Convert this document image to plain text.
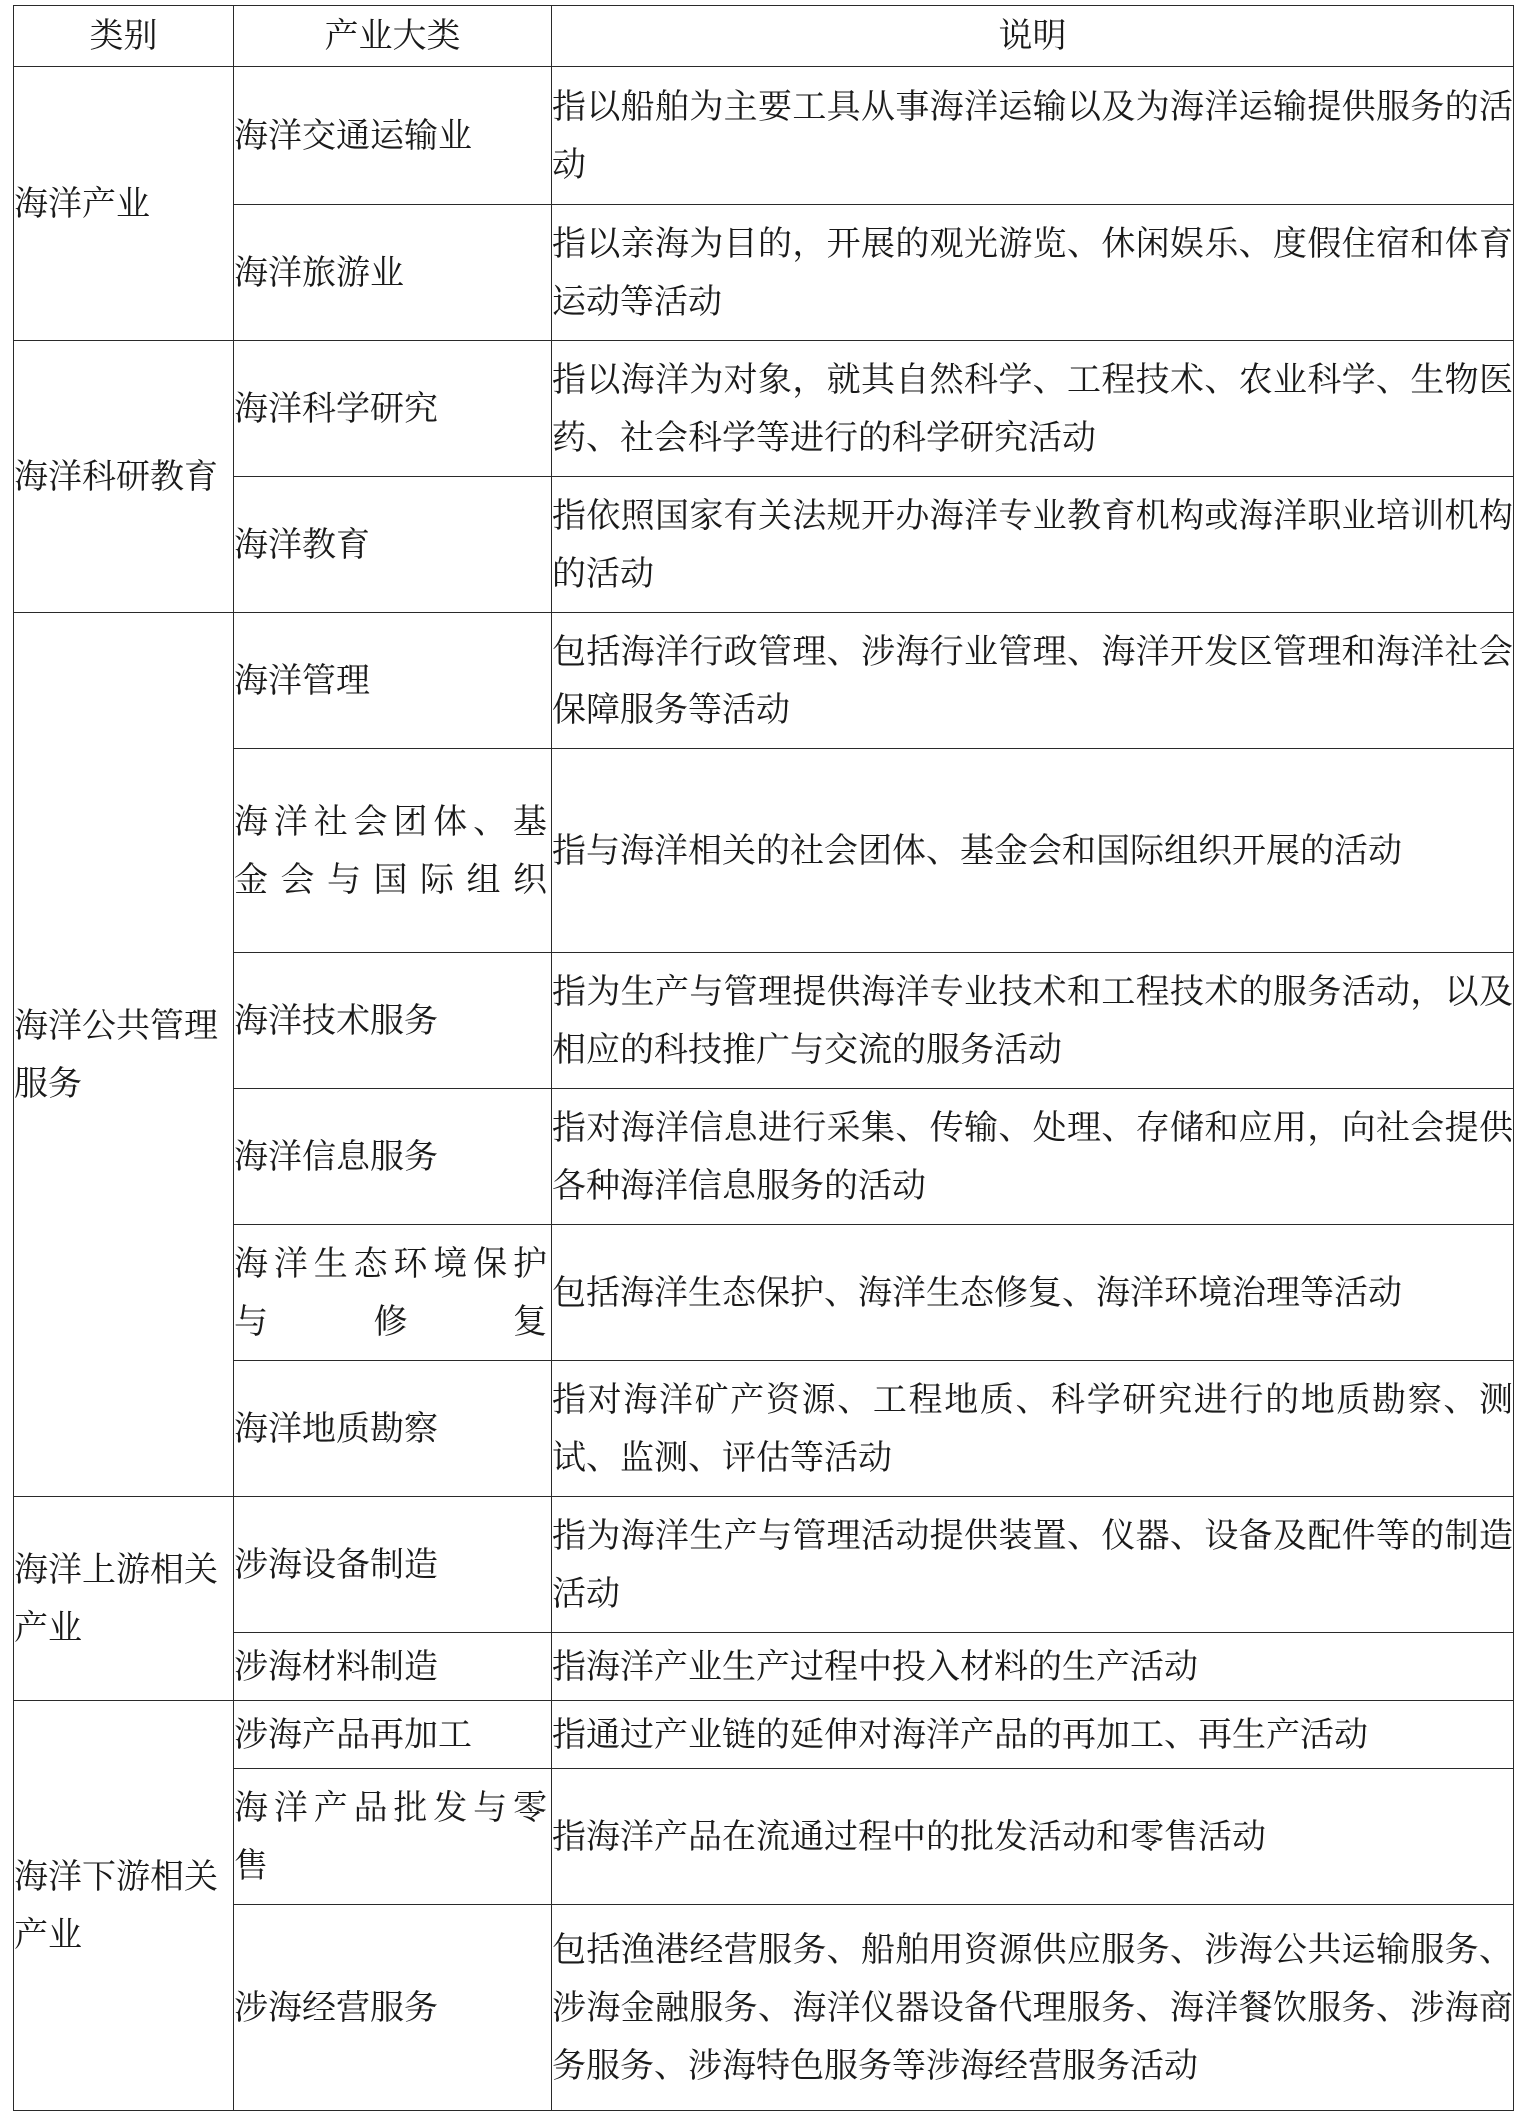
类别	产业大类	说明
海洋产业	海洋交通运输业	指以船舶为主要工具从事海洋运输以及为海洋运输提供服务的活动
	海洋旅游业	指以亲海为目的，开展的观光游览、休闲娱乐、度假住宿和体育运动等活动
海洋科研教育	海洋科学研究	指以海洋为对象，就其自然科学、工程技术、农业科学、生物医药、社会科学等进行的科学研究活动
	海洋教育	指依照国家有关法规开办海洋专业教育机构或海洋职业培训机构的活动
海洋公共管理服务	海洋管理	包括海洋行政管理、涉海行业管理、海洋开发区管理和海洋社会保障服务等活动
	海洋社会团体、基金会与国际组织	指与海洋相关的社会团体、基金会和国际组织开展的活动
	海洋技术服务	指为生产与管理提供海洋专业技术和工程技术的服务活动，以及相应的科技推广与交流的服务活动
	海洋信息服务	指对海洋信息进行采集、传输、处理、存储和应用，向社会提供各种海洋信息服务的活动
	海洋生态环境保护与修复	包括海洋生态保护、海洋生态修复、海洋环境治理等活动
	海洋地质勘察	指对海洋矿产资源、工程地质、科学研究进行的地质勘察、测试、监测、评估等活动
海洋上游相关产业	涉海设备制造	指为海洋生产与管理活动提供装置、仪器、设备及配件等的制造活动
	涉海材料制造	指海洋产业生产过程中投入材料的生产活动
海洋下游相关产业	涉海产品再加工	指通过产业链的延伸对海洋产品的再加工、再生产活动
	海洋产品批发与零售	指海洋产品在流通过程中的批发活动和零售活动
	涉海经营服务	包括渔港经营服务、船舶用资源供应服务、涉海公共运输服务、涉海金融服务、海洋仪器设备代理服务、海洋餐饮服务、涉海商务服务、涉海特色服务等涉海经营服务活动
